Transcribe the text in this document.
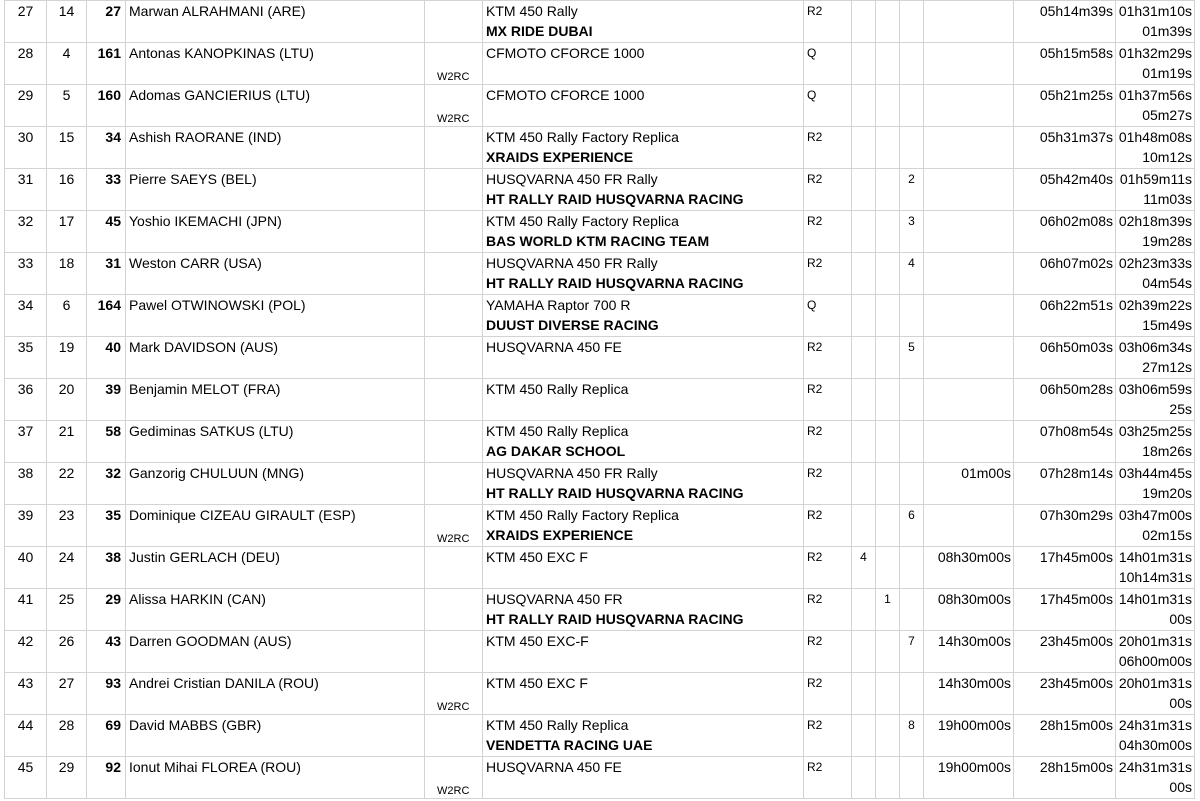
27	14	27	Marwan ALRAHMANI (ARE)		KTM 450 Rally
MX RIDE DUBAI	R2					05h14m39s	01h31m10s
01m39s

28	4	161	Antonas KANOPKINAS (LTU)	W2RC	CFMOTO CFORCE 1000	Q					05h15m58s	01h32m29s
01m19s

29	5	160	Adomas GANCIERIUS (LTU)	W2RC	CFMOTO CFORCE 1000	Q					05h21m25s	01h37m56s
05m27s

30	15	34	Ashish RAORANE (IND)		KTM 450 Rally Factory Replica
XRAIDS EXPERIENCE	R2					05h31m37s	01h48m08s
10m12s

31	16	33	Pierre SAEYS (BEL)		HUSQVARNA 450 FR Rally
HT RALLY RAID HUSQVARNA RACING	R2			2		05h42m40s	01h59m11s
11m03s

32	17	45	Yoshio IKEMACHI (JPN)		KTM 450 Rally Factory Replica
BAS WORLD KTM RACING TEAM	R2			3		06h02m08s	02h18m39s
19m28s

33	18	31	Weston CARR (USA)		HUSQVARNA 450 FR Rally
HT RALLY RAID HUSQVARNA RACING	R2			4		06h07m02s	02h23m33s
04m54s

34	6	164	Pawel OTWINOWSKI (POL)		YAMAHA Raptor 700 R
DUUST DIVERSE RACING	Q					06h22m51s	02h39m22s
15m49s

35	19	40	Mark DAVIDSON (AUS)		HUSQVARNA 450 FE	R2			5		06h50m03s	03h06m34s
27m12s

36	20	39	Benjamin MELOT (FRA)		KTM 450 Rally Replica	R2					06h50m28s	03h06m59s
25s

37	21	58	Gediminas SATKUS (LTU)		KTM 450 Rally Replica
AG DAKAR SCHOOL	R2					07h08m54s	03h25m25s
18m26s

38	22	32	Ganzorig CHULUUN (MNG)		HUSQVARNA 450 FR Rally
HT RALLY RAID HUSQVARNA RACING	R2				01m00s	07h28m14s	03h44m45s
19m20s

39	23	35	Dominique CIZEAU GIRAULT (ESP)	W2RC	KTM 450 Rally Factory Replica
XRAIDS EXPERIENCE	R2			6		07h30m29s	03h47m00s
02m15s

40	24	38	Justin GERLACH (DEU)		KTM 450 EXC F	R2	4			08h30m00s	17h45m00s	14h01m31s
10h14m31s

41	25	29	Alissa HARKIN (CAN)		HUSQVARNA 450 FR
HT RALLY RAID HUSQVARNA RACING	R2		1		08h30m00s	17h45m00s	14h01m31s
00s

42	26	43	Darren GOODMAN (AUS)		KTM 450 EXC-F	R2			7	14h30m00s	23h45m00s	20h01m31s
06h00m00s

43	27	93	Andrei Cristian DANILA (ROU)	W2RC	KTM 450 EXC F	R2				14h30m00s	23h45m00s	20h01m31s
00s

44	28	69	David MABBS (GBR)		KTM 450 Rally Replica
VENDETTA RACING UAE	R2			8	19h00m00s	28h15m00s	24h31m31s
04h30m00s

45	29	92	Ionut Mihai FLOREA (ROU)	W2RC	HUSQVARNA 450 FE	R2				19h00m00s	28h15m00s	24h31m31s
00s
